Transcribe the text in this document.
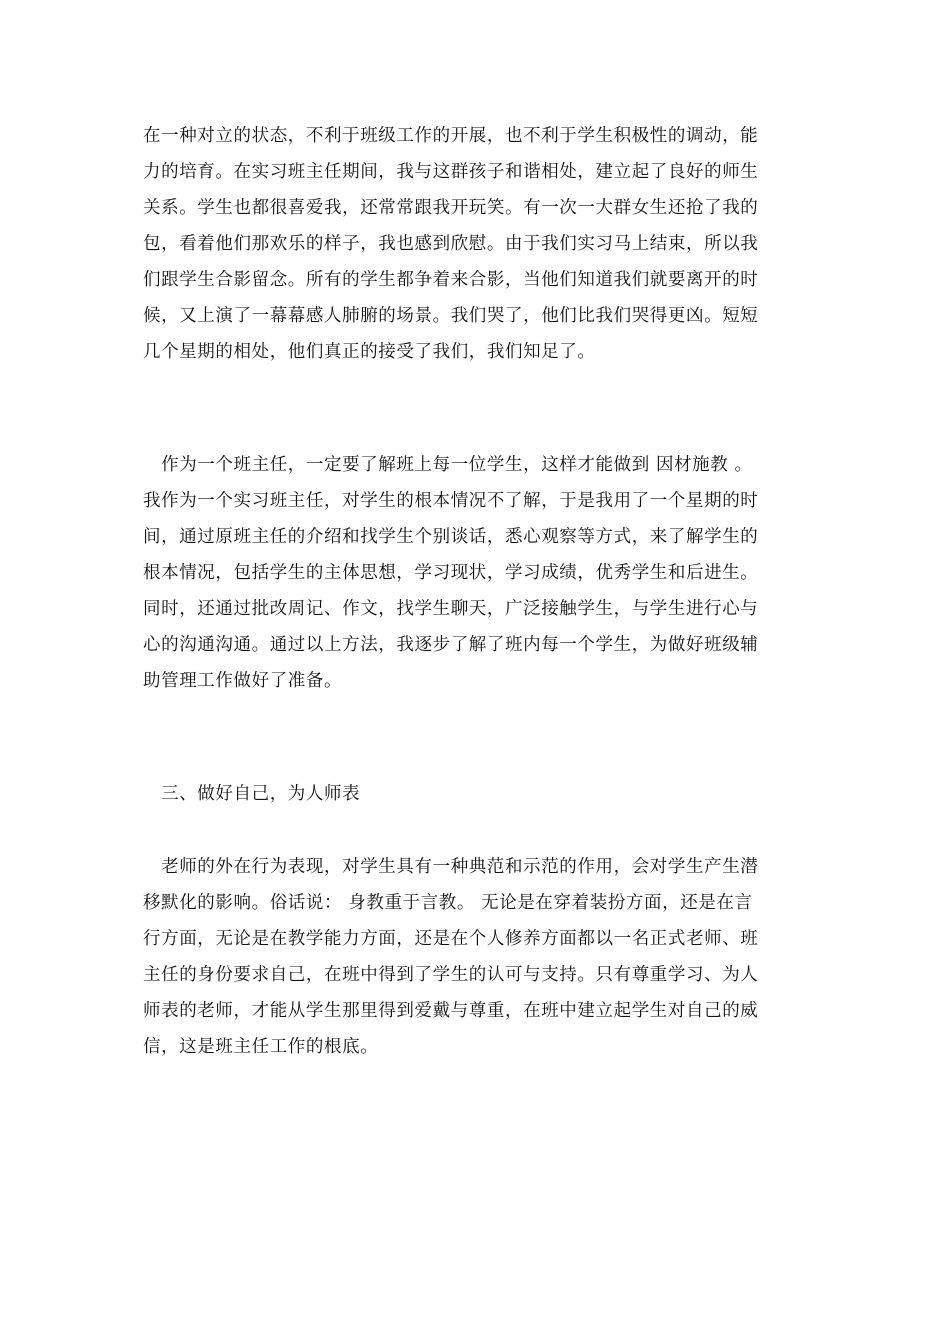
在一种对立的状态，不利于班级工作的开展，也不利于学生积极性的调动，能
力的培育。在实习班主任期间，我与这群孩子和谐相处，建立起了良好的师生
关系。学生也都很喜爱我，还常常跟我开玩笑。有一次一大群女生还抢了我的
包，看着他们那欢乐的样子，我也感到欣慰。由于我们实习马上结束，所以我
们跟学生合影留念。所有的学生都争着来合影，当他们知道我们就要离开的时
候，又上演了一幕幕感人肺腑的场景。我们哭了，他们比我们哭得更凶。短短
几个星期的相处，他们真正的接受了我们，我们知足了。
　作为一个班主任，一定要了解班上每一位学生，这样才能做到 因材施教 。
我作为一个实习班主任，对学生的根本情况不了解，于是我用了一个星期的时
间，通过原班主任的介绍和找学生个别谈话，悉心观察等方式，来了解学生的
根本情况，包括学生的主体思想，学习现状，学习成绩，优秀学生和后进生。
同时，还通过批改周记、作文，找学生聊天，广泛接触学生，与学生进行心与
心的沟通沟通。通过以上方法，我逐步了解了班内每一个学生，为做好班级辅
助管理工作做好了准备。
　三、做好自己，为人师表
　老师的外在行为表现，对学生具有一种典范和示范的作用，会对学生产生潜
移默化的影响。俗话说： 身教重于言教。 无论是在穿着装扮方面，还是在言
行方面，无论是在教学能力方面，还是在个人修养方面都以一名正式老师、班
主任的身份要求自己，在班中得到了学生的认可与支持。只有尊重学习、为人
师表的老师，才能从学生那里得到爱戴与尊重，在班中建立起学生对自己的威
信，这是班主任工作的根底。
